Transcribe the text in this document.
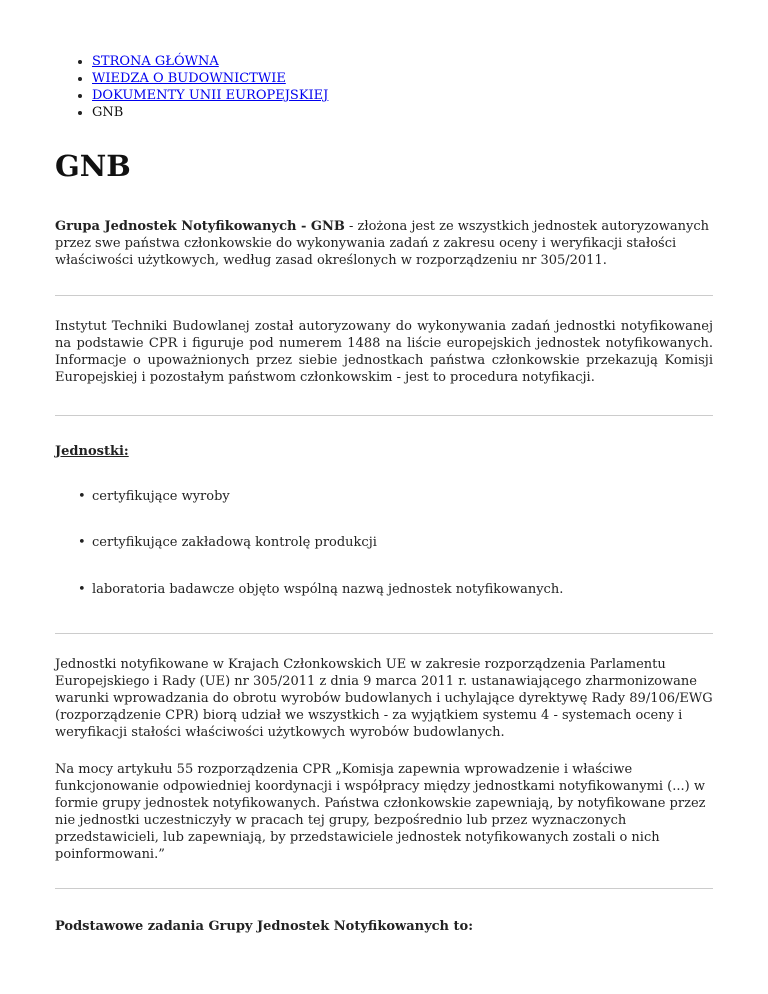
• STRONA GŁÓWNA
• WIEDZA O BUDOWNICTWIE
• DOKUMENTY UNII EUROPEJSKIEJ
• GNB
GNB

Grupa Jednostek Notyfikowanych - GNB - złożona jest ze wszystkich jednostek autoryzowanych przez swe państwa członkowskie do wykonywania zadań z zakresu oceny i weryfikacji stałości właściwości użytkowych, według zasad określonych w rozporządzeniu nr 305/2011.

Instytut Techniki Budowlanej został autoryzowany do wykonywania zadań jednostki notyfikowanej na podstawie CPR i figuruje pod numerem 1488 na liście europejskich jednostek notyfikowanych. Informacje o upoważnionych przez siebie jednostkach państwa członkowskie przekazują Komisji Europejskiej i pozostałym państwom członkowskim - jest to procedura notyfikacji.

Jednostki:

• certyfikujące wyroby
• certyfikujące zakładową kontrolę produkcji
• laboratoria badawcze objęto wspólną nazwą jednostek notyfikowanych.

Jednostki notyfikowane w Krajach Członkowskich UE w zakresie rozporządzenia Parlamentu Europejskiego i Rady (UE) nr 305/2011 z dnia 9 marca 2011 r. ustanawiającego zharmonizowane warunki wprowadzania do obrotu wyrobów budowlanych i uchylające dyrektywę Rady 89/106/EWG (rozporządzenie CPR) biorą udział we wszystkich - za wyjątkiem systemu 4 - systemach oceny i weryfikacji stałości właściwości użytkowych wyrobów budowlanych.

Na mocy artykułu 55 rozporządzenia CPR „Komisja zapewnia wprowadzenie i właściwe funkcjonowanie odpowiedniej koordynacji i współpracy między jednostkami notyfikowanymi (...) w formie grupy jednostek notyfikowanych. Państwa członkowskie zapewniają, by notyfikowane przez nie jednostki uczestniczyły w pracach tej grupy, bezpośrednio lub przez wyznaczonych przedstawicieli, lub zapewniają, by przedstawiciele jednostek notyfikowanych zostali o nich poinformowani.”

Podstawowe zadania Grupy Jednostek Notyfikowanych to:
